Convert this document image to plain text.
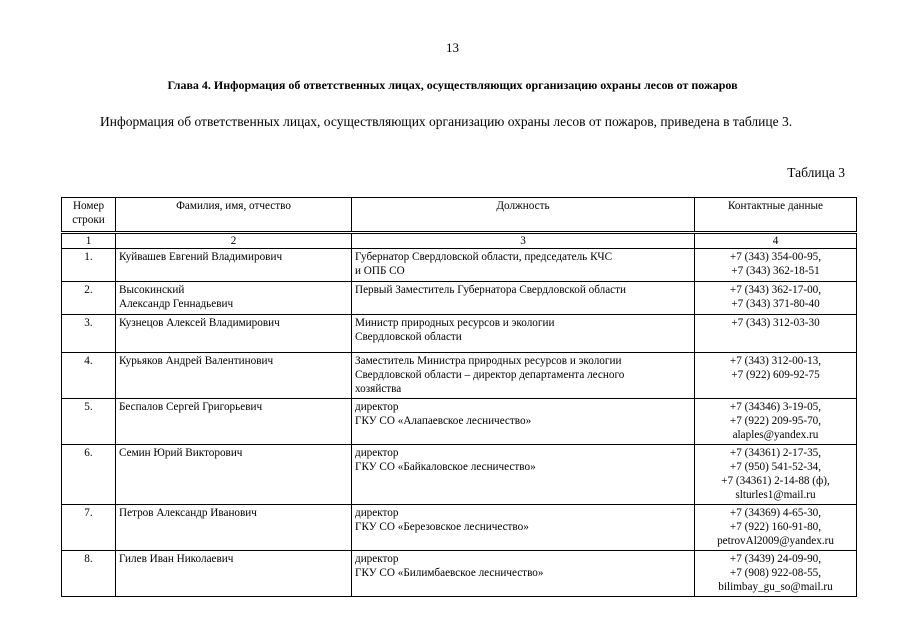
13
Глава 4. Информация об ответственных лицах, осуществляющих организацию охраны лесов от пожаров
Информация об ответственных лицах, осуществляющих организацию охраны лесов от пожаров, приведена в таблице 3.
Таблица 3
Номер
строки	Фамилия, имя, отчество	Должность	Контактные данные
1	2	3	4
1.	Куйвашев Евгений Владимирович	Губернатор Свердловской области, председатель КЧС
и ОПБ СО	+7 (343) 354-00-95,
+7 (343) 362-18-51

2.	Высокинский
Александр Геннадьевич	Первый Заместитель Губернатора Свердловской области	+7 (343) 362-17-00,
+7 (343) 371-80-40

3.	Кузнецов Алексей Владимирович	Министр природных ресурсов и экологии
Свердловской области	+7 (343) 312-03-30

4.	Курьяков Андрей Валентинович	Заместитель Министра природных ресурсов и экологии
Свердловской области – директор департамента лесного
хозяйства	+7 (343) 312-00-13,
+7 (922) 609-92-75

5.	Беспалов Сергей Григорьевич	директор
ГКУ СО «Алапаевское лесничество»	+7 (34346) 3-19-05,
+7 (922) 209-95-70,
alaples@yandex.ru

6.	Семин Юрий Викторович	директор
ГКУ СО «Байкаловское лесничество»	+7 (34361) 2-17-35,
+7 (950) 541-52-34,
+7 (34361) 2-14-88 (ф),
slturles1@mail.ru

7.	Петров Александр Иванович	директор
ГКУ СО «Березовское лесничество»	+7 (34369) 4-65-30,
+7 (922) 160-91-80,
petrovAl2009@yandex.ru

8.	Гилев Иван Николаевич	директор
ГКУ СО «Билимбаевское лесничество»	+7 (3439) 24-09-90,
+7 (908) 922-08-55,
bilimbay_gu_so@mail.ru
